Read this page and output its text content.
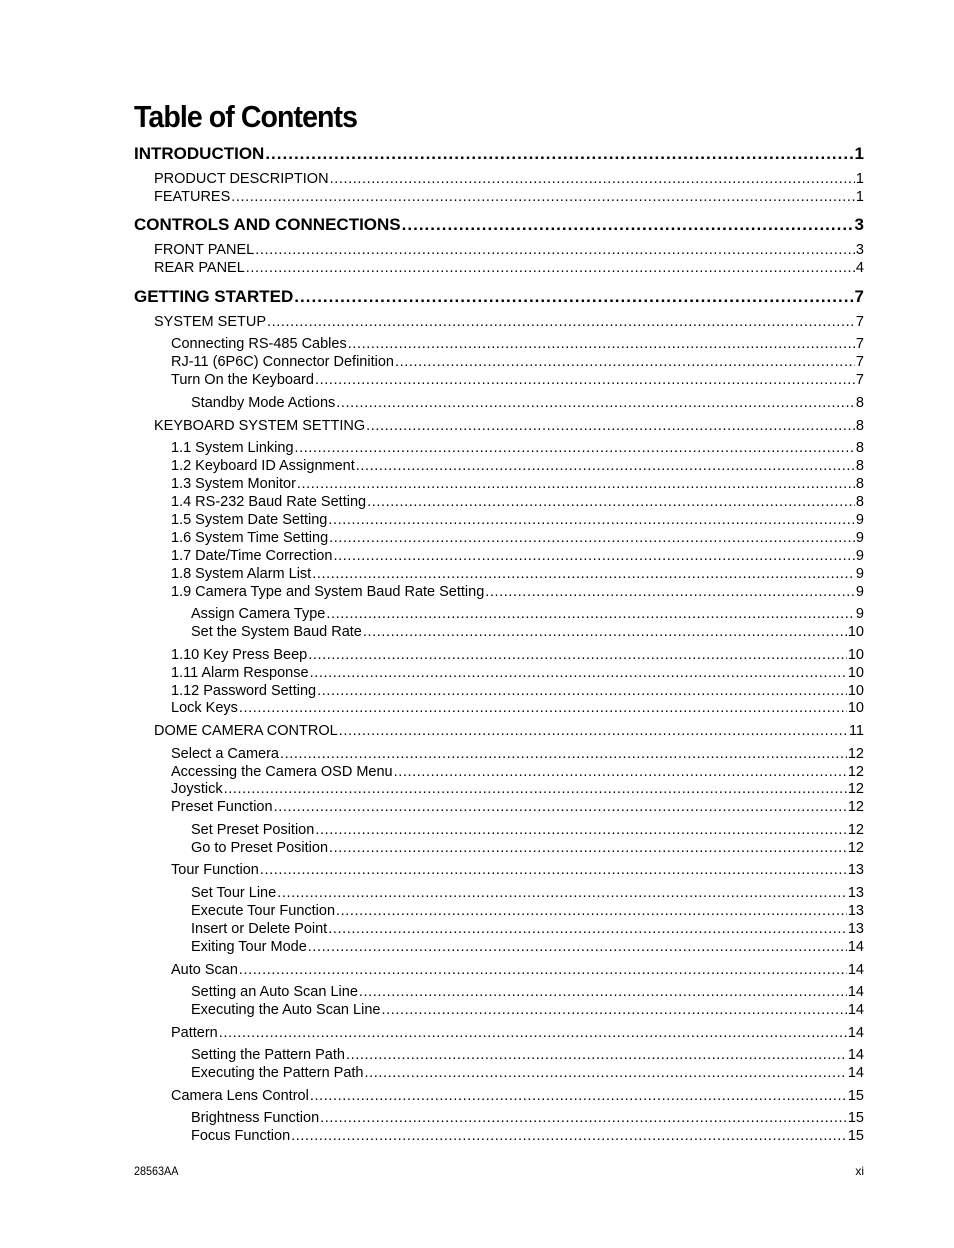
Table of Contents
INTRODUCTION .....	1
PRODUCT DESCRIPTION .....	1
FEATURES .....	1
CONTROLS AND CONNECTIONS .....	3
FRONT PANEL .....	3
REAR PANEL .....	4
GETTING STARTED .....	7
SYSTEM SETUP .....	7
Connecting RS-485 Cables .....	7
RJ-11 (6P6C) Connector Definition .....	7
Turn On the Keyboard .....	7
Standby Mode Actions .....	8
KEYBOARD SYSTEM SETTING .....	8
1.1 System Linking .....	8
1.2 Keyboard ID Assignment .....	8
1.3 System Monitor .....	8
1.4 RS-232 Baud Rate Setting .....	8
1.5 System Date Setting .....	9
1.6 System Time Setting .....	9
1.7 Date/Time Correction .....	9
1.8 System Alarm List .....	9
1.9 Camera Type and System Baud Rate Setting .....	9
Assign Camera Type .....	9
Set the System Baud Rate .....	10
1.10 Key Press Beep .....	10
1.11 Alarm Response .....	10
1.12 Password Setting .....	10
Lock Keys .....	10
DOME CAMERA CONTROL .....	11
Select a Camera .....	12
Accessing the Camera OSD Menu .....	12
Joystick .....	12
Preset Function .....	12
Set Preset Position .....	12
Go to Preset Position .....	12
Tour Function .....	13
Set Tour Line .....	13
Execute Tour Function .....	13
Insert or Delete Point .....	13
Exiting Tour Mode .....	14
Auto Scan .....	14
Setting an Auto Scan Line .....	14
Executing the Auto Scan Line .....	14
Pattern .....	14
Setting the Pattern Path .....	14
Executing the Pattern Path .....	14
Camera Lens Control .....	15
Brightness Function .....	15
Focus Function .....	15
28563AA	xi
